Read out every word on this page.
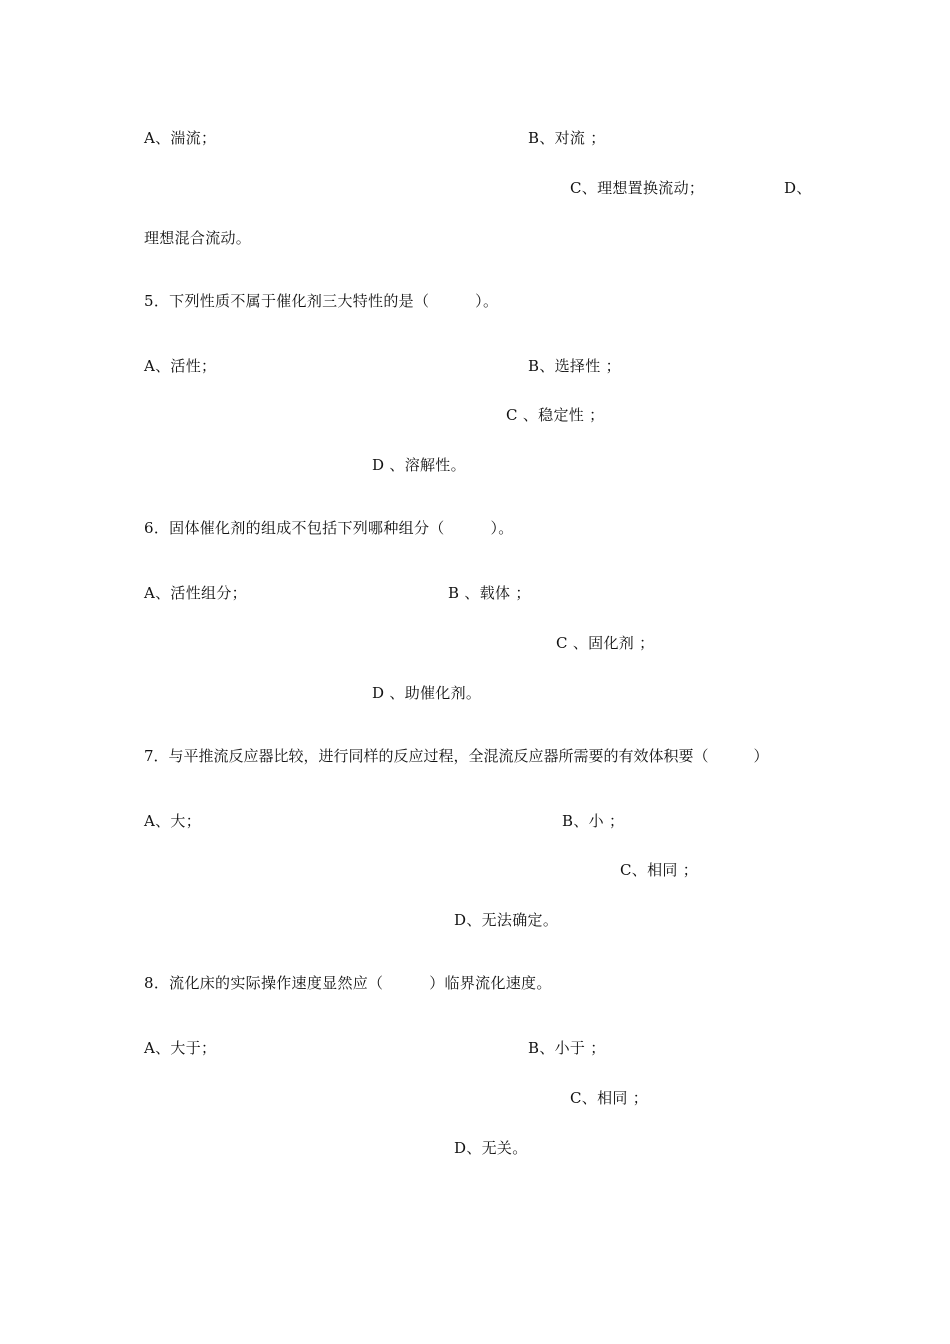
A、湍流；	B、对流 ；
C、理想置换流动；	D、
理想混合流动。
5．下列性质不属于催化剂三大特性的是（　　　）。
A、活性；	B、选择性 ；
C 、稳定性 ；
D 、溶解性。
6．固体催化剂的组成不包括下列哪种组分（　　　）。
A、活性组分；	B 、载体 ；
C 、固化剂 ；
D 、助催化剂。
7．与平推流反应器比较，进行同样的反应过程，全混流反应器所需要的有效体积要（　　　）
A、大；	B、小 ；
C、相同 ；
D、无法确定。
8．流化床的实际操作速度显然应（　　　）临界流化速度。
A、大于；	B、小于 ；
C、相同 ；
D、无关。
